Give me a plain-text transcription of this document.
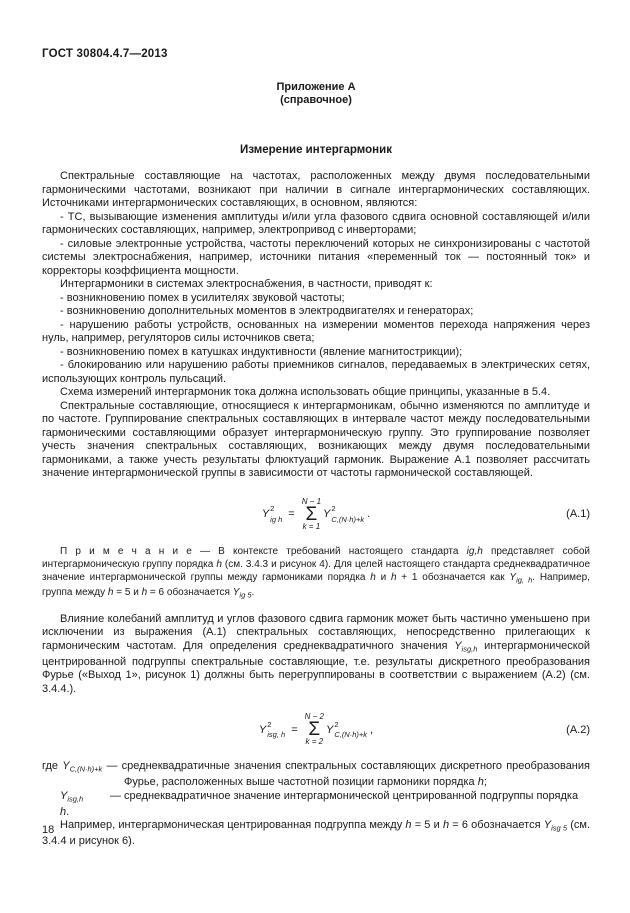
ГОСТ 30804.4.7—2013
Приложение А
(справочное)
Измерение интергармоник

Спектральные составляющие на частотах, расположенных между двумя последовательными гармоническими частотами, возникают при наличии в сигнале интергармонических составляющих. Источниками интергармонических составляющих, в основном, являются:

- ТС, вызывающие изменения амплитуды и/или угла фазового сдвига основной составляющей и/или гармонических составляющих, например, электропривод с инверторами;

- силовые электронные устройства, частоты переключений которых не синхронизированы с частотой системы электроснабжения, например, источники питания «переменный ток — постоянный ток» и корректоры коэффициента мощности.

Интергармоники в системах электроснабжения, в частности, приводят к:

- возникновению помех в усилителях звуковой частоты;

- возникновению дополнительных моментов в электродвигателях и генераторах;

- нарушению работы устройств, основанных на измерении моментов перехода напряжения через нуль, например, регуляторов силы источников света;

- возникновению помех в катушках индуктивности (явление магнитострикции);

- блокированию или нарушению работы приемников сигналов, передаваемых в электрических сетях, использующих контроль пульсаций.

Схема измерений интергармоник тока должна использовать общие принципы, указанные в 5.4.

Спектральные составляющие, относящиеся к интергармоникам, обычно изменяются по амплитуде и по частоте. Группирование спектральных составляющих в интервале частот между последовательными гармоническими составляющими образует интергармоническую группу. Это группирование позволяет учесть значения спектральных составляющих, возникающих между двумя последовательными гармониками, а также учесть результаты флюктуаций гармоник. Выражение А.1 позволяет рассчитать значение интергармонической группы в зависимости от частоты гармонической составляющей.

Y 2
ig h =
N − 1
Σ
k = 1
Y 2
C,(N·h)+k .	(А.1)

П р и м е ч а н и е — В контексте требований настоящего стандарта ig,h представляет собой интергармоническую группу порядка h (см. 3.4.3 и рисунок 4). Для целей настоящего стандарта среднеквадратичное значение интергармонической группы между гармониками порядка h и h + 1 обозначается как $Y_{ig, h}$. Например, группа между h = 5 и h = 6 обозначается $Y_{ig 5}$.

Влияние колебаний амплитуд и углов фазового сдвига гармоник может быть частично уменьшено при исключении из выражения (А.1) спектральных составляющих, непосредственно прилегающих к гармоническим частотам. Для определения среднеквадратичного значения $Y_{isg,h}$ интергармонической центрированной подгруппы спектральные составляющие, т.е. результаты дискретного преобразования Фурье («Выход 1», рисунок 1) должны быть перегруппированы в соответствии с выражением (А.2) (см. 3.4.4.).

Y 2
isg, h =
N − 2
Σ
k = 2
Y 2
C,(N·h)+k ,	(А.2)

где $Y_{C,(N\cdot h)+k}$ — среднеквадратичные значения спектральных составляющих дискретного преобразования Фурье, расположенных выше частотной позиции гармоники порядка h;

$Y_{isg,h}$ — среднеквадратичное значение интергармонической центрированной подгруппы порядка h.

Например, интергармоническая центрированная подгруппа между h = 5 и h = 6 обозначается $Y_{isg 5}$ (см. 3.4.4 и рисунок 6).

18
